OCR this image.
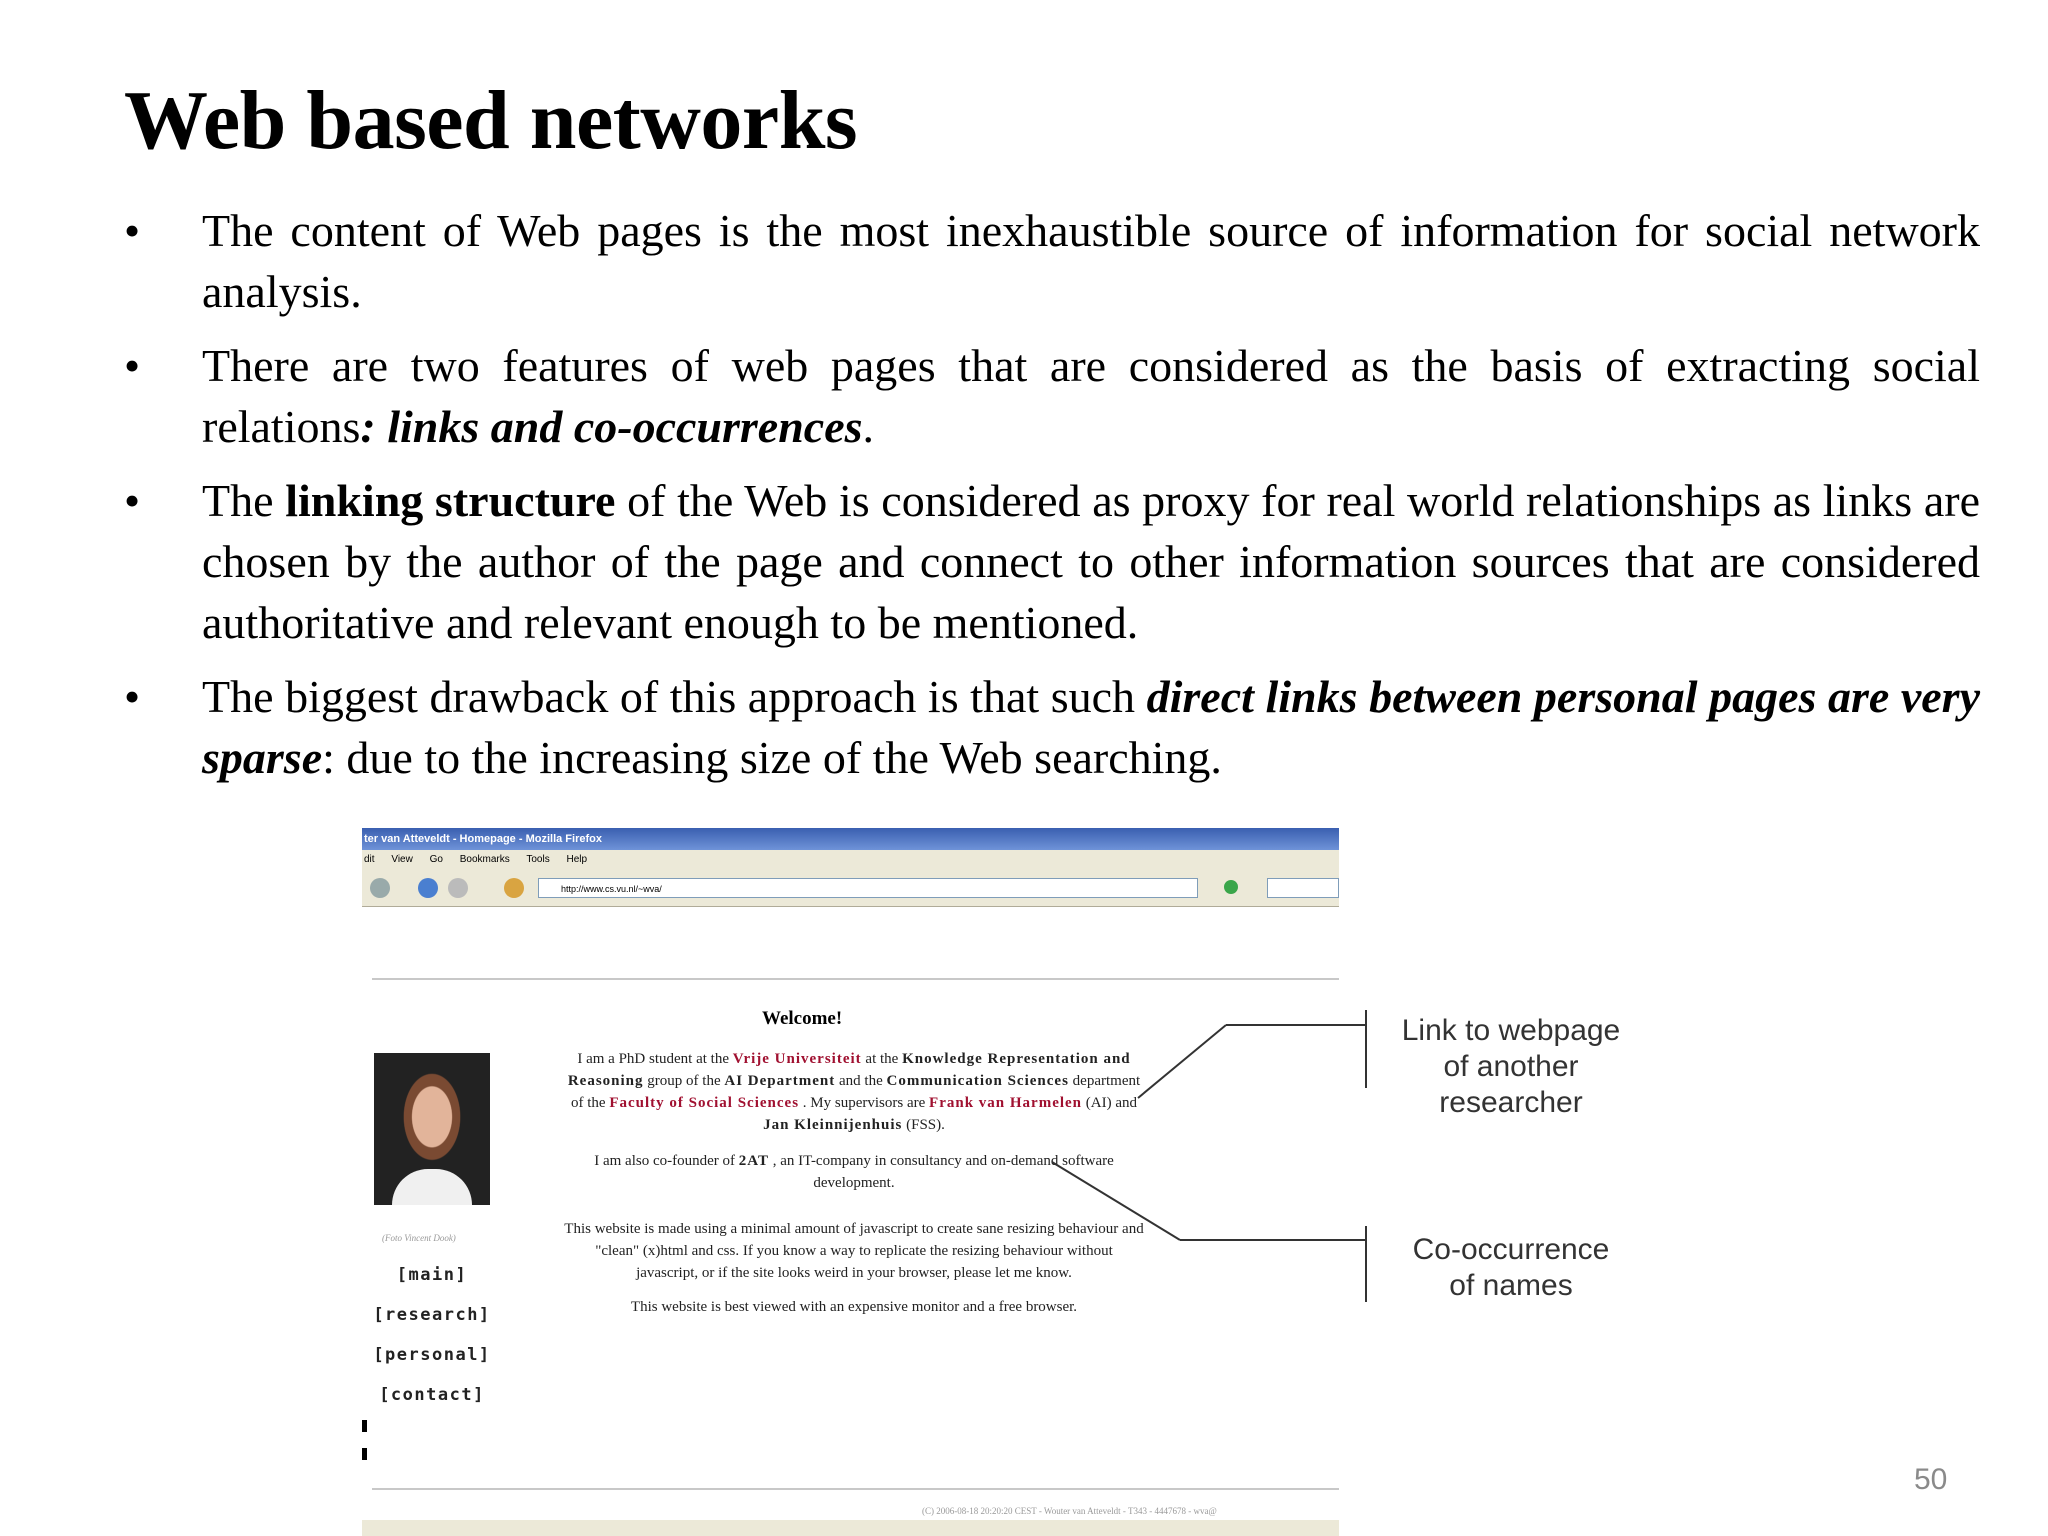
Web based networks
•	The content of Web pages is the most inexhaustible source of information for social network analysis.
•	There are two features of web pages that are considered as the basis of extracting social relations: links and co-occurrences.
•	The linking structure of the Web is considered as proxy for real world relationships as links are chosen by the author of the page and connect to other information sources that are considered authoritative and relevant enough to be mentioned.
•	The biggest drawback of this approach is that such direct links between personal pages are very sparse: due to the increasing size of the Web searching.
ter van Atteveldt - Homepage - Mozilla Firefox
dit View Go Bookmarks Tools Help
http://www.cs.vu.nl/~wva/
(Foto Vincent Dook)
[main]
[research]
[personal]
[contact]
Welcome!
I am a PhD student at the Vrije Universiteit at the Knowledge Representation and Reasoning group of the AI Department and the Communication Sciences department of the Faculty of Social Sciences . My supervisors are Frank van Harmelen (AI) and Jan Kleinnijenhuis (FSS).
I am also co-founder of 2AT , an IT-company in consultancy and on-demand software development.
This website is made using a minimal amount of javascript to create sane resizing behaviour and "clean" (x)html and css. If you know a way to replicate the resizing behaviour without javascript, or if the site looks weird in your browser, please let me know.
This website is best viewed with an expensive monitor and a free browser.
(C) 2006-08-18 20:20:20 CEST - Wouter van Atteveldt - T343 - 4447678 - wva@
Link to webpage
of another
researcher
Co-occurrence
of names
50
